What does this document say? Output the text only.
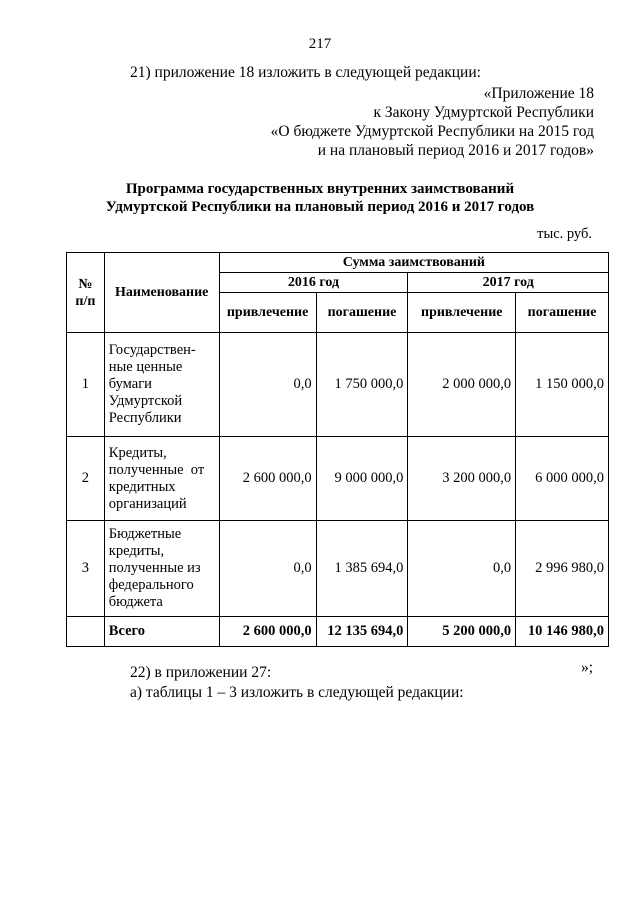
217
21) приложение 18 изложить в следующей редакции:
«Приложение 18
к Закону Удмуртской Республики
«О бюджете Удмуртской Республики на 2015 год
и на плановый период 2016 и 2017 годов»
Программа государственных внутренних заимствований
Удмуртской Республики на плановый период 2016 и 2017 годов
тыс. руб.
№
п/п	Наименование	Сумма заимствований			
		2016 год		2017 год	
		привлечение	погашение	привлечение	погашение
1	Государствен-
ные ценные
бумаги
Удмуртской
Республики	0,0	1 750 000,0	2 000 000,0	1 150 000,0
2	Кредиты,
полученные  от
кредитных
организаций	2 600 000,0	9 000 000,0	3 200 000,0	6 000 000,0
3	Бюджетные
кредиты,
полученные из
федерального
бюджета	0,0	1 385 694,0	0,0	2 996 980,0
	Всего	2 600 000,0	12 135 694,0	5 200 000,0	10 146 980,0
»;
22) в приложении 27:
а) таблицы 1 – 3 изложить в следующей редакции:
